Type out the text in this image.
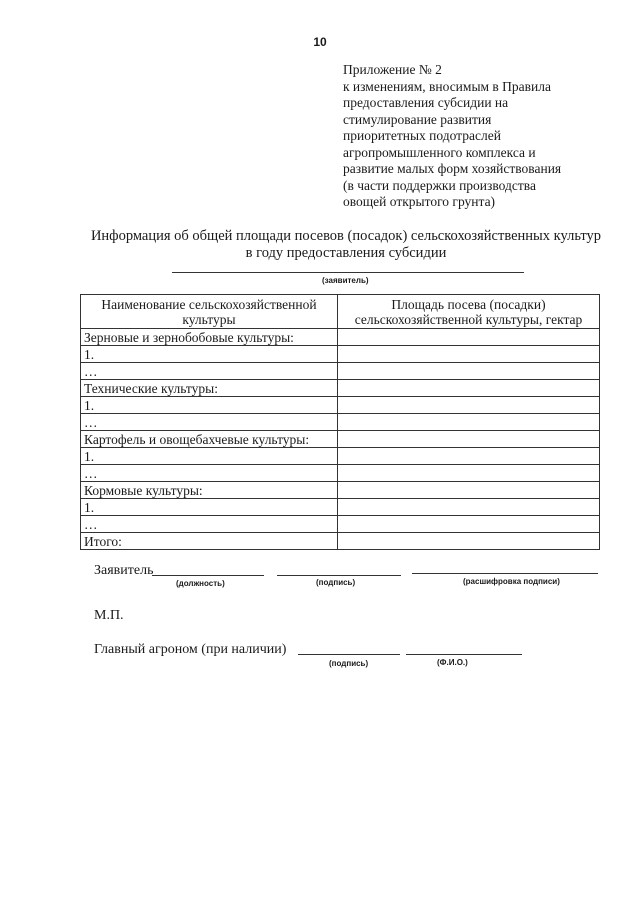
10
Приложение № 2
к изменениям, вносимым в Правила
предоставления субсидии на
стимулирование развития
приоритетных подотраслей
агропромышленного комплекса и
развитие малых форм хозяйствования
(в части поддержки производства
овощей открытого грунта)
Информация об общей площади посевов (посадок) сельскохозяйственных культур
в году предоставления субсидии
(заявитель)
Наименование сельскохозяйственной культуры	Площадь посева (посадки) сельскохозяйственной культуры, гектар
Зерновые и зернобобовые культуры:	
1.	
…	
Технические культуры:	
1.	
…	
Картофель и овощебахчевые культуры:	
1.	
…	
Кормовые культуры:	
1.	
…	
Итого:	
Заявитель
(должность)	(подпись)	(расшифровка подписи)
М.П.
Главный агроном (при наличии)
(подпись)	(Ф.И.О.)
